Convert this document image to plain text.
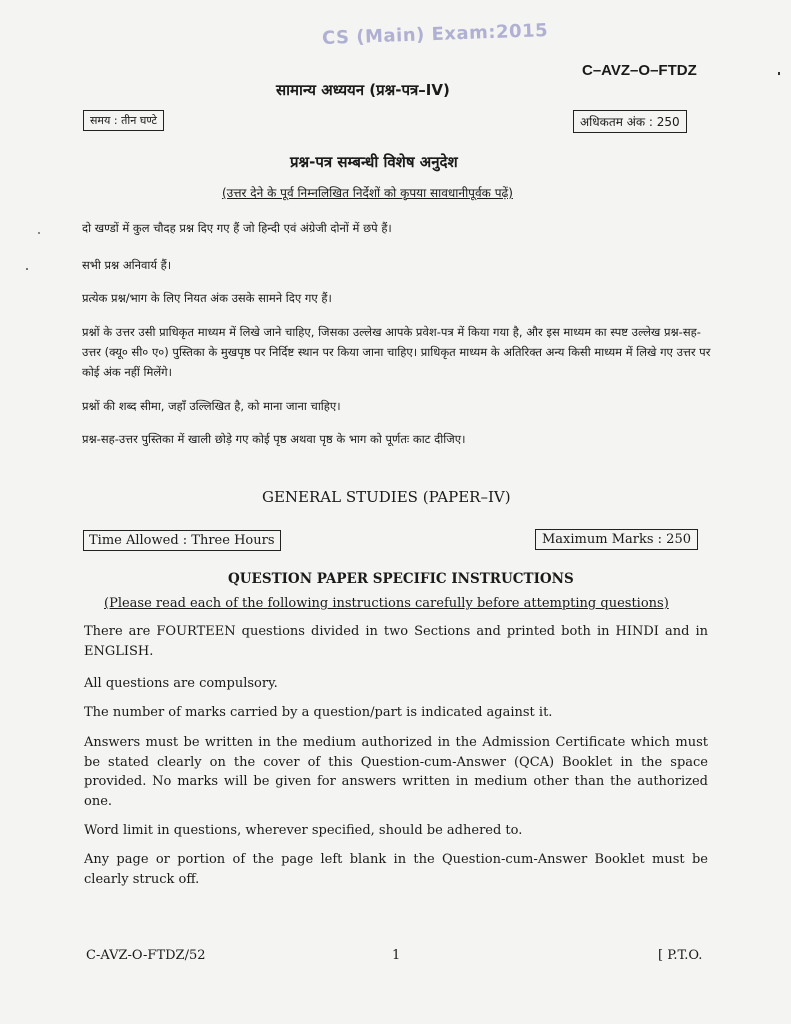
CS (Main) Exam:2015
C–AVZ–O–FTDZ
सामान्य अध्ययन (प्रश्न-पत्र–IV)
समय : तीन घण्टे	अधिकतम अंक : 250
प्रश्न-पत्र सम्बन्धी विशेष अनुदेश
(उत्तर देने के पूर्व निम्नलिखित निर्देशों को कृपया सावधानीपूर्वक पढ़ें)
दो खण्डों में कुल चौदह प्रश्न दिए गए हैं जो हिन्दी एवं अंग्रेजी दोनों में छपे हैं।
सभी प्रश्न अनिवार्य हैं।
प्रत्येक प्रश्न/भाग के लिए नियत अंक उसके सामने दिए गए हैं।
प्रश्नों के उत्तर उसी प्राधिकृत माध्यम में लिखे जाने चाहिए, जिसका उल्लेख आपके प्रवेश-पत्र में किया गया है, और इस माध्यम का स्पष्ट उल्लेख प्रश्न-सह-उत्तर (क्यू० सी० ए०) पुस्तिका के मुखपृष्ठ पर निर्दिष्ट स्थान पर किया जाना चाहिए। प्राधिकृत माध्यम के अतिरिक्त अन्य किसी माध्यम में लिखे गए उत्तर पर कोई अंक नहीं मिलेंगे।
प्रश्नों की शब्द सीमा, जहाँ उल्लिखित है, को माना जाना चाहिए।
प्रश्न-सह-उत्तर पुस्तिका में खाली छोड़े गए कोई पृष्ठ अथवा पृष्ठ के भाग को पूर्णतः काट दीजिए।
GENERAL STUDIES (PAPER–IV)
Time Allowed : Three Hours	Maximum Marks : 250
QUESTION PAPER SPECIFIC INSTRUCTIONS
(Please read each of the following instructions carefully before attempting questions)
There are FOURTEEN questions divided in two Sections and printed both in HINDI and in ENGLISH.
All questions are compulsory.
The number of marks carried by a question/part is indicated against it.
Answers must be written in the medium authorized in the Admission Certificate which must be stated clearly on the cover of this Question-cum-Answer (QCA) Booklet in the space provided. No marks will be given for answers written in medium other than the authorized one.
Word limit in questions, wherever specified, should be adhered to.
Any page or portion of the page left blank in the Question-cum-Answer Booklet must be clearly struck off.
C-AVZ-O-FTDZ/52	1	[ P.T.O.
